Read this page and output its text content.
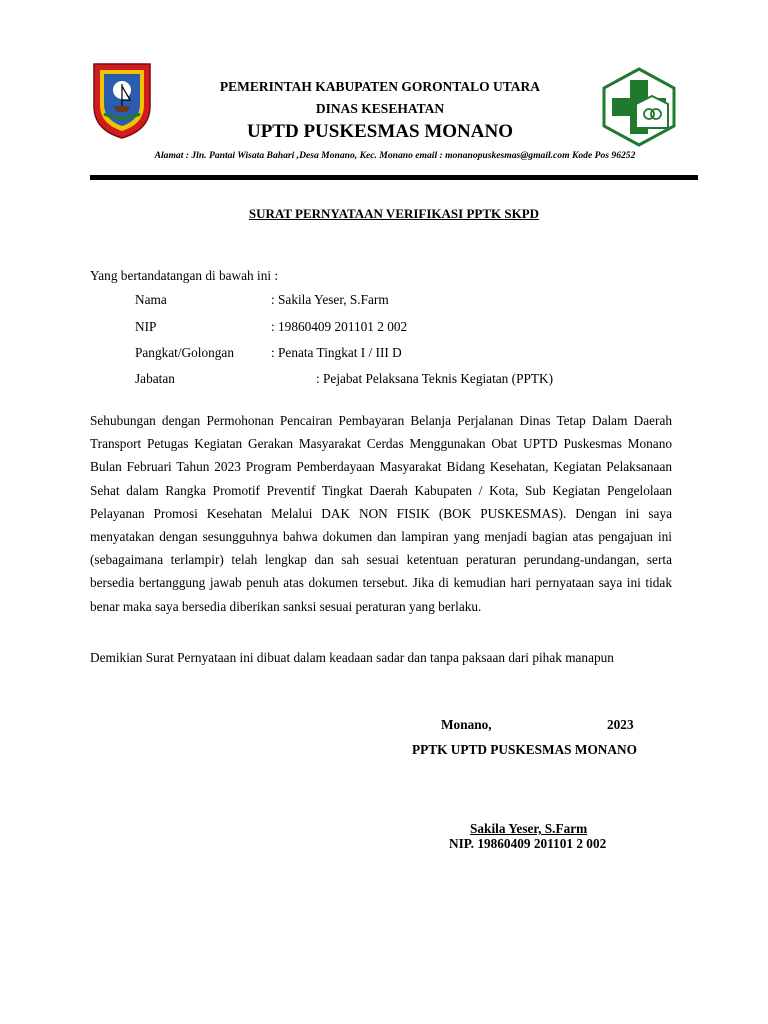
PEMERINTAH KABUPATEN GORONTALO UTARA
DINAS KESEHATAN
UPTD PUSKESMAS MONANO
Alamat : Jln. Pantai Wisata Bahari ,Desa Monano, Kec. Monano email : monanopuskesmas@gmail.com Kode Pos 96252
SURAT PERNYATAAN VERIFIKASI PPTK SKPD
Yang bertandatangan di bawah ini :
Nama	: Sakila Yeser, S.Farm
NIP	: 19860409 201101 2 002
Pangkat/Golongan	: Penata Tingkat I / III D
Jabatan	: Pejabat Pelaksana Teknis Kegiatan (PPTK)
Sehubungan dengan Permohonan Pencairan Pembayaran Belanja Perjalanan Dinas Tetap Dalam Daerah Transport Petugas Kegiatan Gerakan Masyarakat Cerdas Menggunakan Obat UPTD Puskesmas Monano Bulan Februari Tahun 2023 Program Pemberdayaan Masyarakat Bidang Kesehatan, Kegiatan Pelaksanaan Sehat dalam Rangka Promotif Preventif Tingkat Daerah Kabupaten / Kota, Sub Kegiatan Pengelolaan Pelayanan Promosi Kesehatan Melalui DAK NON FISIK (BOK PUSKESMAS). Dengan ini saya menyatakan dengan sesungguhnya bahwa dokumen dan lampiran yang menjadi bagian atas pengajuan ini (sebagaimana terlampir) telah lengkap dan sah sesuai ketentuan peraturan perundang-undangan, serta bersedia bertanggung jawab penuh atas dokumen tersebut. Jika di kemudian hari pernyataan saya ini tidak benar maka saya bersedia diberikan sanksi sesuai peraturan yang berlaku.
Demikian Surat Pernyataan ini dibuat dalam keadaan sadar dan tanpa paksaan dari pihak manapun
Monano,	2023
PPTK UPTD PUSKESMAS MONANO
Sakila Yeser, S.Farm
NIP. 19860409 201101 2 002
